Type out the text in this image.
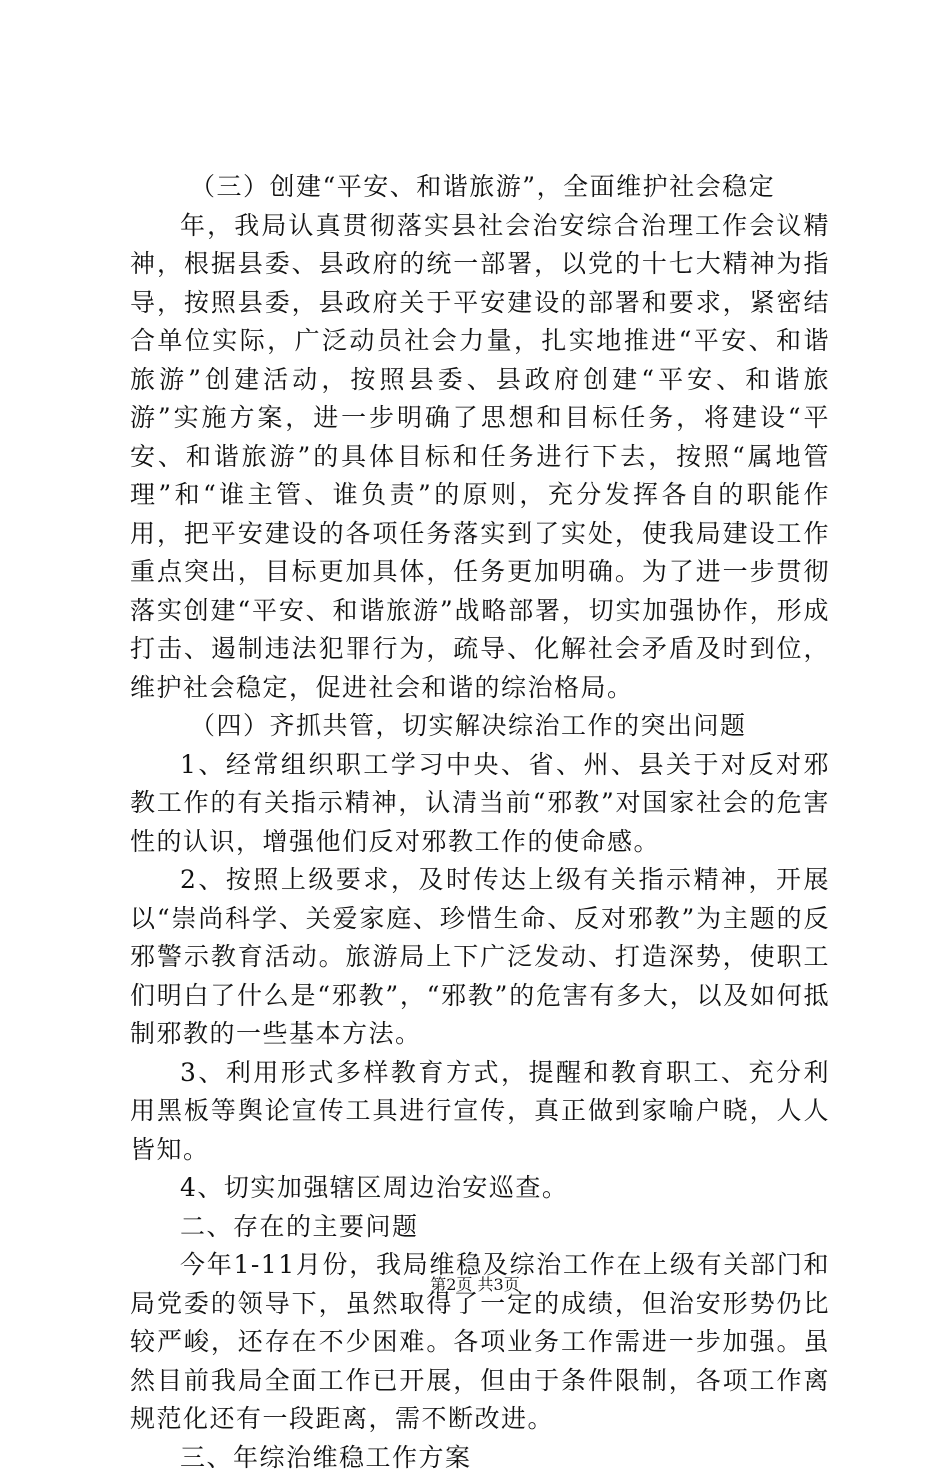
（三）创建“平安、和谐旅游”，全面维护社会稳定

年，我局认真贯彻落实县社会治安综合治理工作会议精神，根据县委、县政府的统一部署，以党的十七大精神为指导，按照县委，县政府关于平安建设的部署和要求，紧密结合单位实际，广泛动员社会力量，扎实地推进“平安、和谐旅游”创建活动，按照县委、县政府创建“平安、和谐旅游”实施方案，进一步明确了思想和目标任务，将建设“平安、和谐旅游”的具体目标和任务进行下去，按照“属地管理”和“谁主管、谁负责”的原则，充分发挥各自的职能作用，把平安建设的各项任务落实到了实处，使我局建设工作重点突出，目标更加具体，任务更加明确。为了进一步贯彻落实创建“平安、和谐旅游”战略部署，切实加强协作，形成打击、遏制违法犯罪行为，疏导、化解社会矛盾及时到位，维护社会稳定，促进社会和谐的综治格局。

（四）齐抓共管，切实解决综治工作的突出问题

1、经常组织职工学习中央、省、州、县关于对反对邪教工作的有关指示精神，认清当前“邪教”对国家社会的危害性的认识，增强他们反对邪教工作的使命感。

2、按照上级要求，及时传达上级有关指示精神，开展以“崇尚科学、关爱家庭、珍惜生命、反对邪教”为主题的反邪警示教育活动。旅游局上下广泛发动、打造深势，使职工们明白了什么是“邪教”，“邪教”的危害有多大，以及如何抵制邪教的一些基本方法。

3、利用形式多样教育方式，提醒和教育职工、充分利用黑板等舆论宣传工具进行宣传，真正做到家喻户晓，人人皆知。

4、切实加强辖区周边治安巡查。

二、存在的主要问题

今年1-11月份，我局维稳及综治工作在上级有关部门和局党委的领导下，虽然取得了一定的成绩，但治安形势仍比较严峻，还存在不少困难。各项业务工作需进一步加强。虽然目前我局全面工作已开展，但由于条件限制，各项工作离规范化还有一段距离，需不断改进。

三、年综治维稳工作方案

第2页 共3页
